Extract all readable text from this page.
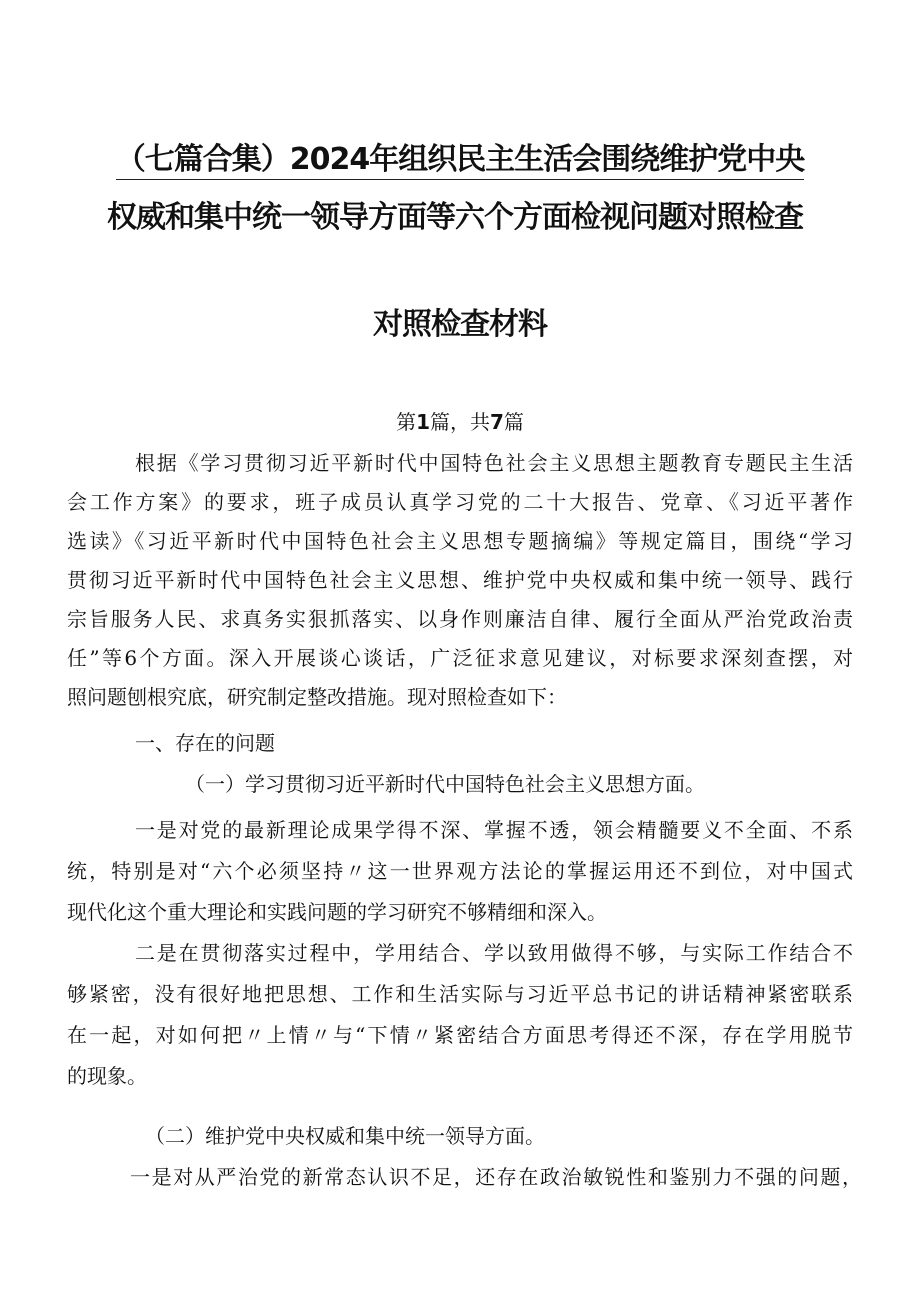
（七篇合集）2024年组织民主生活会围绕维护党中央
权威和集中统一领导方面等六个方面检视问题对照检查
对照检查材料
第1篇，共7篇
根据《学习贯彻习近平新时代中国特色社会主义思想主题教育专题民主生活
会工作方案》的要求，班子成员认真学习党的二十大报告、党章、《习近平著作
选读》《习近平新时代中国特色社会主义思想专题摘编》等规定篇目，围绕“学习
贯彻习近平新时代中国特色社会主义思想、维护党中央权威和集中统一领导、践行
宗旨服务人民、求真务实狠抓落实、以身作则廉洁自律、履行全面从严治党政治责
任”等6个方面。深入开展谈心谈话，广泛征求意见建议，对标要求深刻查摆，对
照问题刨根究底，研究制定整改措施。现对照检查如下：
一、存在的问题
（一）学习贯彻习近平新时代中国特色社会主义思想方面。
一是对党的最新理论成果学得不深、掌握不透，领会精髓要义不全面、不系
统，特别是对“六个必须坚持〃这一世界观方法论的掌握运用还不到位，对中国式
现代化这个重大理论和实践问题的学习研究不够精细和深入。
二是在贯彻落实过程中，学用结合、学以致用做得不够，与实际工作结合不
够紧密，没有很好地把思想、工作和生活实际与习近平总书记的讲话精神紧密联系
在一起，对如何把〃上情〃与“下情〃紧密结合方面思考得还不深，存在学用脱节
的现象。
（二）维护党中央权威和集中统一领导方面。
一是对从严治党的新常态认识不足，还存在政治敏锐性和鉴别力不强的问题，
